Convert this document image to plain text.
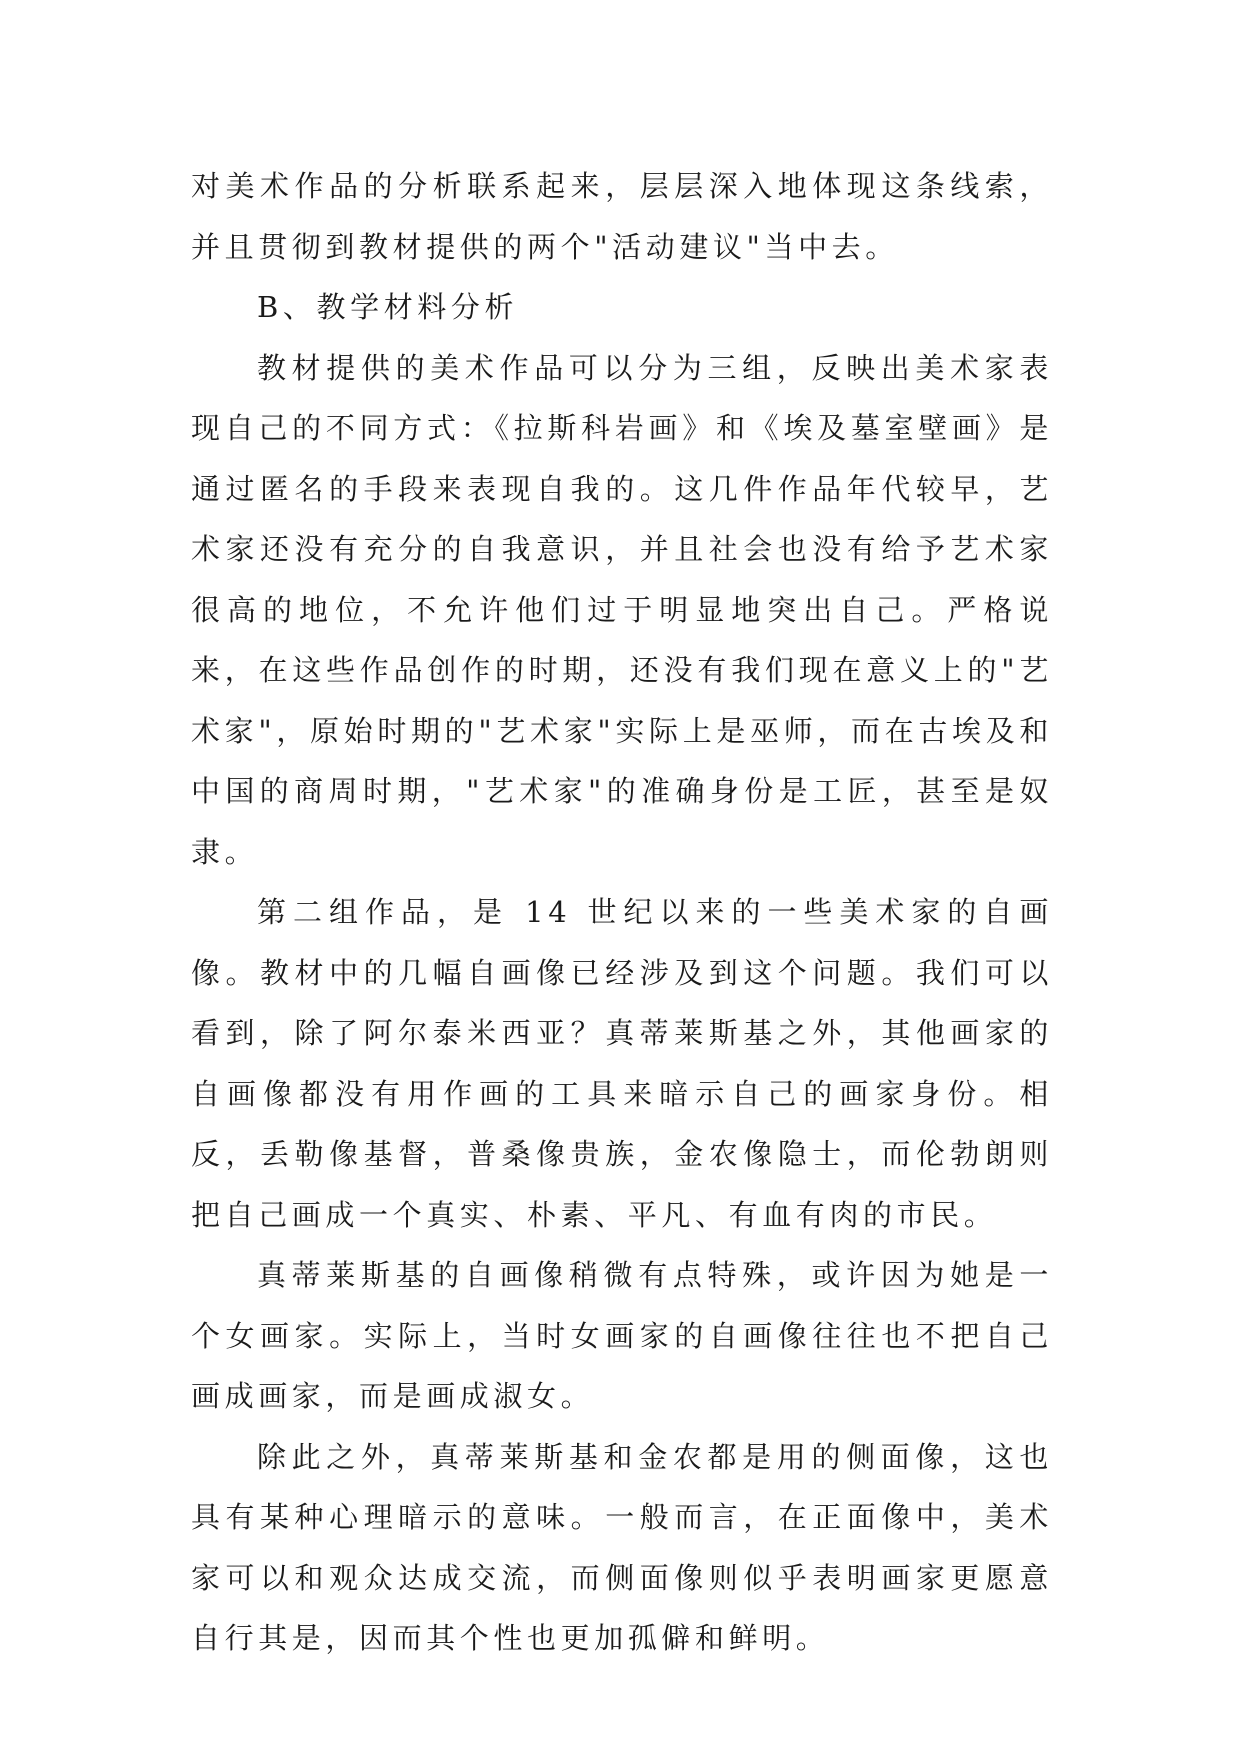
对美术作品的分析联系起来，层层深入地体现这条线索，并且贯彻到教材提供的两个"活动建议"当中去。

B、教学材料分析

教材提供的美术作品可以分为三组，反映出美术家表现自己的不同方式：《拉斯科岩画》和《埃及墓室壁画》是通过匿名的手段来表现自我的。这几件作品年代较早，艺术家还没有充分的自我意识，并且社会也没有给予艺术家很高的地位，不允许他们过于明显地突出自己。严格说来，在这些作品创作的时期，还没有我们现在意义上的"艺术家"，原始时期的"艺术家"实际上是巫师，而在古埃及和中国的商周时期，"艺术家"的准确身份是工匠，甚至是奴隶。

第二组作品，是 14 世纪以来的一些美术家的自画像。教材中的几幅自画像已经涉及到这个问题。我们可以看到，除了阿尔泰米西亚？真蒂莱斯基之外，其他画家的自画像都没有用作画的工具来暗示自己的画家身份。相反，丢勒像基督，普桑像贵族，金农像隐士，而伦勃朗则把自己画成一个真实、朴素、平凡、有血有肉的市民。

真蒂莱斯基的自画像稍微有点特殊，或许因为她是一个女画家。实际上，当时女画家的自画像往往也不把自己画成画家，而是画成淑女。

除此之外，真蒂莱斯基和金农都是用的侧面像，这也具有某种心理暗示的意味。一般而言，在正面像中，美术家可以和观众达成交流，而侧面像则似乎表明画家更愿意自行其是，因而其个性也更加孤僻和鲜明。
